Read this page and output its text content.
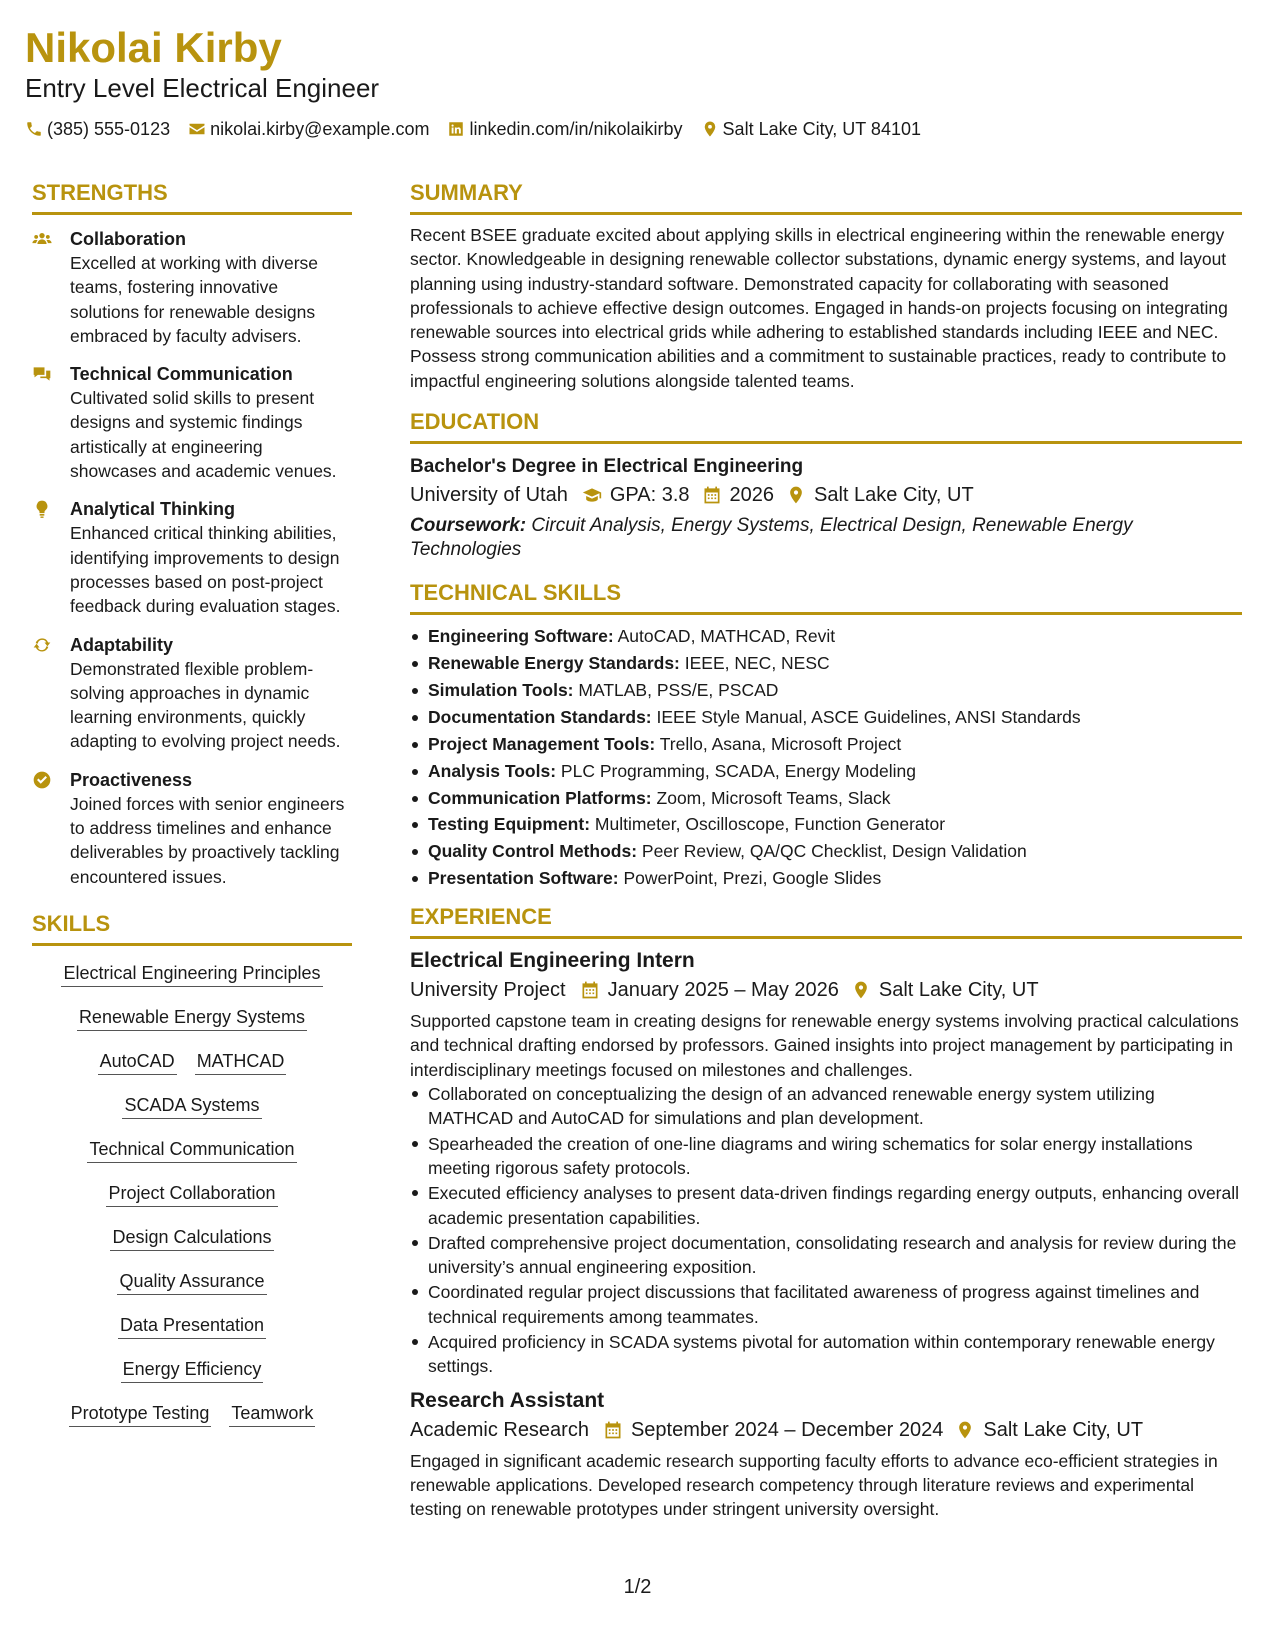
Nikolai Kirby
Entry Level Electrical Engineer
(385) 555-0123 nikolai.kirby@example.com linkedin.com/in/nikolaikirby Salt Lake City, UT 84101
STRENGTHS
Collaboration
Excelled at working with diverse teams, fostering innovative solutions for renewable designs embraced by faculty advisers.
Technical Communication
Cultivated solid skills to present designs and systemic findings artistically at engineering showcases and academic venues.
Analytical Thinking
Enhanced critical thinking abilities, identifying improvements to design processes based on post-project feedback during evaluation stages.
Adaptability
Demonstrated flexible problem-solving approaches in dynamic learning environments, quickly adapting to evolving project needs.
Proactiveness
Joined forces with senior engineers to address timelines and enhance deliverables by proactively tackling encountered issues.
SKILLS
Electrical Engineering Principles
Renewable Energy Systems
AutoCAD MATHCAD
SCADA Systems
Technical Communication
Project Collaboration
Design Calculations
Quality Assurance
Data Presentation
Energy Efficiency
Prototype Testing Teamwork
SUMMARY
Recent BSEE graduate excited about applying skills in electrical engineering within the renewable energy sector. Knowledgeable in designing renewable collector substations, dynamic energy systems, and layout planning using industry-standard software. Demonstrated capacity for collaborating with seasoned professionals to achieve effective design outcomes. Engaged in hands-on projects focusing on integrating renewable sources into electrical grids while adhering to established standards including IEEE and NEC. Possess strong communication abilities and a commitment to sustainable practices, ready to contribute to impactful engineering solutions alongside talented teams.
EDUCATION
Bachelor's Degree in Electrical Engineering
University of Utah GPA: 3.8 2026 Salt Lake City, UT
Coursework: Circuit Analysis, Energy Systems, Electrical Design, Renewable Energy Technologies
TECHNICAL SKILLS
Engineering Software: AutoCAD, MATHCAD, Revit
Renewable Energy Standards: IEEE, NEC, NESC
Simulation Tools: MATLAB, PSS/E, PSCAD
Documentation Standards: IEEE Style Manual, ASCE Guidelines, ANSI Standards
Project Management Tools: Trello, Asana, Microsoft Project
Analysis Tools: PLC Programming, SCADA, Energy Modeling
Communication Platforms: Zoom, Microsoft Teams, Slack
Testing Equipment: Multimeter, Oscilloscope, Function Generator
Quality Control Methods: Peer Review, QA/QC Checklist, Design Validation
Presentation Software: PowerPoint, Prezi, Google Slides
EXPERIENCE
Electrical Engineering Intern
University Project January 2025 – May 2026 Salt Lake City, UT
Supported capstone team in creating designs for renewable energy systems involving practical calculations and technical drafting endorsed by professors. Gained insights into project management by participating in interdisciplinary meetings focused on milestones and challenges.
Collaborated on conceptualizing the design of an advanced renewable energy system utilizing MATHCAD and AutoCAD for simulations and plan development.
Spearheaded the creation of one-line diagrams and wiring schematics for solar energy installations meeting rigorous safety protocols.
Executed efficiency analyses to present data-driven findings regarding energy outputs, enhancing overall academic presentation capabilities.
Drafted comprehensive project documentation, consolidating research and analysis for review during the university’s annual engineering exposition.
Coordinated regular project discussions that facilitated awareness of progress against timelines and technical requirements among teammates.
Acquired proficiency in SCADA systems pivotal for automation within contemporary renewable energy settings.
Research Assistant
Academic Research September 2024 – December 2024 Salt Lake City, UT
Engaged in significant academic research supporting faculty efforts to advance eco-efficient strategies in renewable applications. Developed research competency through literature reviews and experimental testing on renewable prototypes under stringent university oversight.
1/2
